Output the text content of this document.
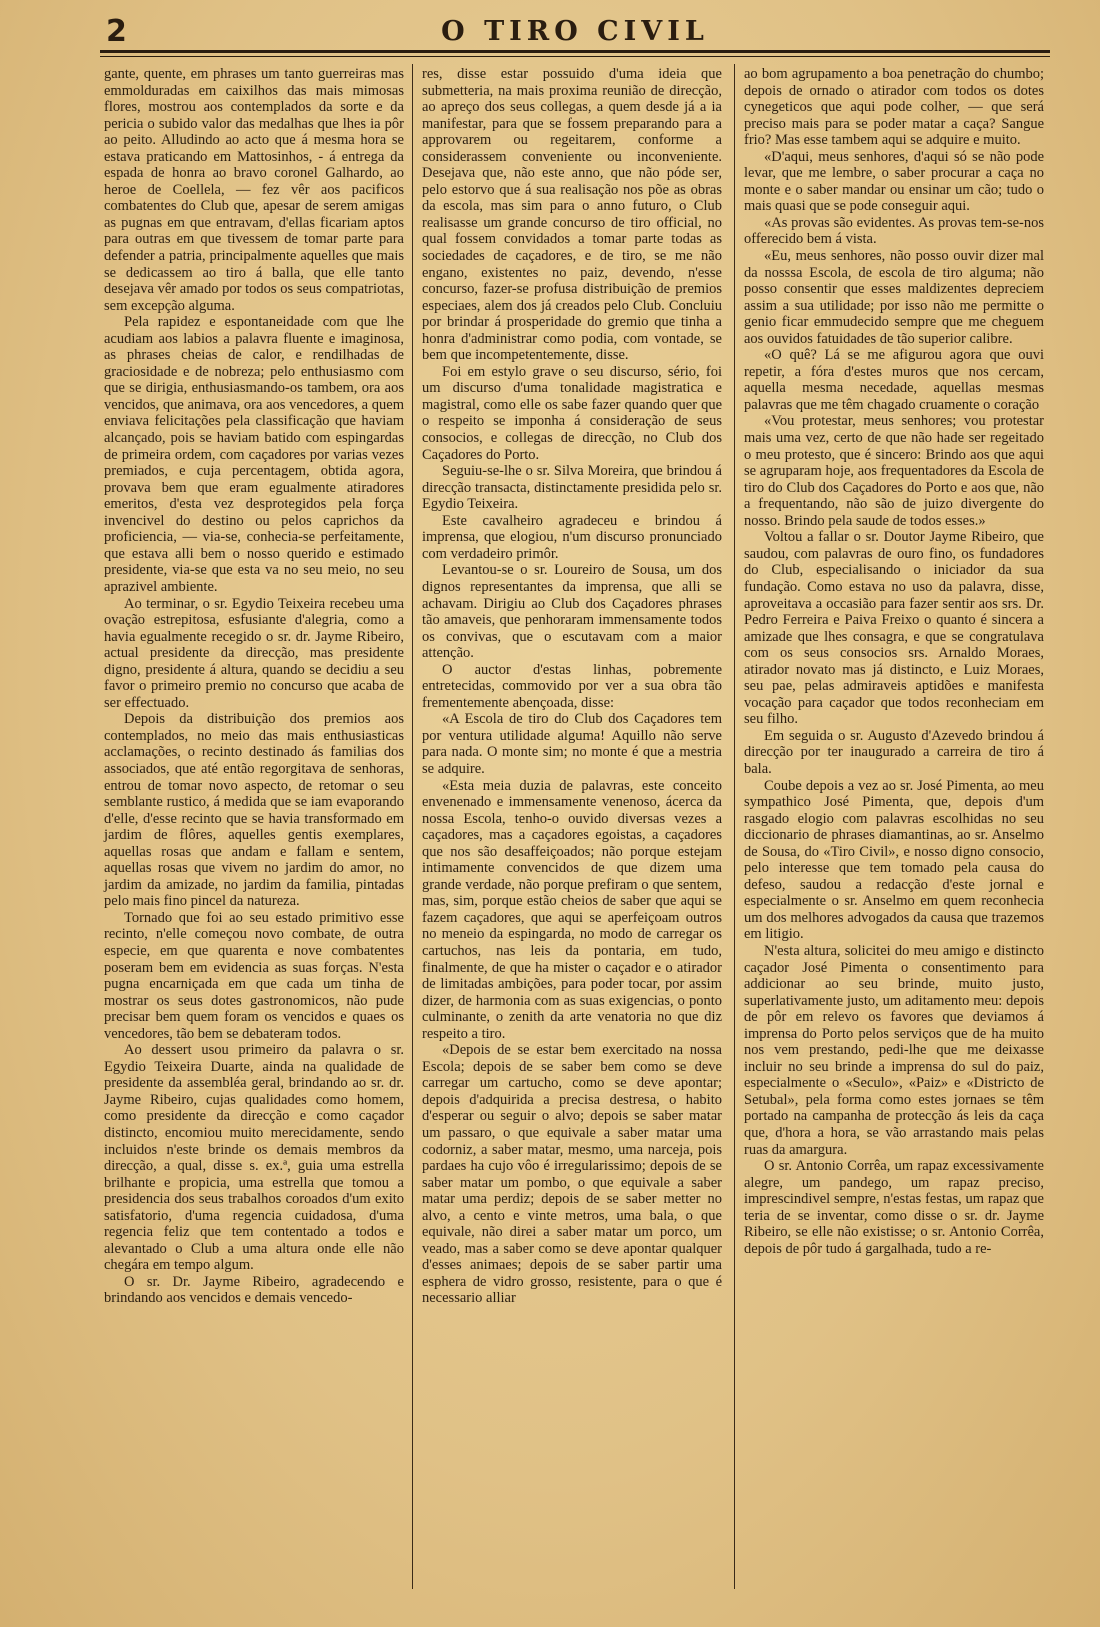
2	O TIRO CIVIL

gante, quente, em phrases um tanto guerreiras mas emmolduradas em caixilhos das mais mimosas flores, mostrou aos contemplados da sorte e da pericia o subido valor das medalhas que lhes ia pôr ao peito. Alludindo ao acto que á mesma hora se estava praticando em Mattosinhos, - á entrega da espada de honra ao bravo coronel Galhardo, ao heroe de Coellela, — fez vêr aos pacificos combatentes do Club que, apesar de serem amigas as pugnas em que entravam, d'ellas ficariam aptos para outras em que tivessem de tomar parte para defender a patria, principalmente aquelles que mais se dedicassem ao tiro á balla, que elle tanto desejava vêr amado por todos os seus compatriotas, sem excepção alguma.

Pela rapidez e espontaneidade com que lhe acudiam aos labios a palavra fluente e imaginosa, as phrases cheias de calor, e rendilhadas de graciosidade e de nobreza; pelo enthusiasmo com que se dirigia, enthusiasmando-os tambem, ora aos vencidos, que animava, ora aos vencedores, a quem enviava felicitações pela classificação que haviam alcançado, pois se haviam batido com espingardas de primeira ordem, com caçadores por varias vezes premiados, e cuja percentagem, obtida agora, provava bem que eram egualmente atiradores emeritos, d'esta vez desprotegidos pela força invencivel do destino ou pelos caprichos da proficiencia, — via-se, conhecia-se perfeitamente, que estava alli bem o nosso querido e estimado presidente, via-se que esta va no seu meio, no seu aprazivel ambiente.

Ao terminar, o sr. Egydio Teixeira recebeu uma ovação estrepitosa, esfusiante d'alegria, como a havia egualmente recegido o sr. dr. Jayme Ribeiro, actual presidente da direcção, mas presidente digno, presidente á altura, quando se decidiu a seu favor o primeiro premio no concurso que acaba de ser effectuado.

Depois da distribuição dos premios aos contemplados, no meio das mais enthusiasticas acclamações, o recinto destinado ás familias dos associados, que até então regorgitava de senhoras, entrou de tomar novo aspecto, de retomar o seu semblante rustico, á medida que se iam evaporando d'elle, d'esse recinto que se havia transformado em jardim de flôres, aquelles gentis exemplares, aquellas rosas que andam e fallam e sentem, aquellas rosas que vivem no jardim do amor, no jardim da amizade, no jardim da familia, pintadas pelo mais fino pincel da natureza.

Tornado que foi ao seu estado primitivo esse recinto, n'elle começou novo combate, de outra especie, em que quarenta e nove combatentes poseram bem em evidencia as suas forças. N'esta pugna encarniçada em que cada um tinha de mostrar os seus dotes gastronomicos, não pude precisar bem quem foram os vencidos e quaes os vencedores, tão bem se debateram todos.

Ao dessert usou primeiro da palavra o sr. Egydio Teixeira Duarte, ainda na qualidade de presidente da assembléa geral, brindando ao sr. dr. Jayme Ribeiro, cujas qualidades como homem, como presidente da direcção e como caçador distincto, encomiou muito merecidamente, sendo incluidos n'este brinde os demais membros da direcção, a qual, disse s. ex.ª, guia uma estrella brilhante e propicia, uma estrella que tomou a presidencia dos seus trabalhos coroados d'um exito satisfatorio, d'uma regencia cuidadosa, d'uma regencia feliz que tem contentado a todos e alevantado o Club a uma altura onde elle não chegára em tempo algum.

O sr. Dr. Jayme Ribeiro, agradecendo e brindando aos vencidos e demais vencedo-

res, disse estar possuido d'uma ideia que submetteria, na mais proxima reunião de direcção, ao apreço dos seus collegas, a quem desde já a ia manifestar, para que se fossem preparando para a approvarem ou regeitarem, conforme a considerassem conveniente ou inconveniente. Desejava que, não este anno, que não póde ser, pelo estorvo que á sua realisação nos põe as obras da escola, mas sim para o anno futuro, o Club realisasse um grande concurso de tiro official, no qual fossem convidados a tomar parte todas as sociedades de caçadores, e de tiro, se me não engano, existentes no paiz, devendo, n'esse concurso, fazer-se profusa distribuição de premios especiaes, alem dos já creados pelo Club. Concluiu por brindar á prosperidade do gremio que tinha a honra d'administrar como podia, com vontade, se bem que incompetentemente, disse.

Foi em estylo grave o seu discurso, sério, foi um discurso d'uma tonalidade magistratica e magistral, como elle os sabe fazer quando quer que o respeito se imponha á consideração de seus consocios, e collegas de direcção, no Club dos Caçadores do Porto.

Seguiu-se-lhe o sr. Silva Moreira, que brindou á direcção transacta, distinctamente presidida pelo sr. Egydio Teixeira.

Este cavalheiro agradeceu e brindou á imprensa, que elogiou, n'um discurso pronunciado com verdadeiro primôr.

Levantou-se o sr. Loureiro de Sousa, um dos dignos representantes da imprensa, que alli se achavam. Dirigiu ao Club dos Caçadores phrases tão amaveis, que penhoraram immensamente todos os convivas, que o escutavam com a maior attenção.

O auctor d'estas linhas, pobremente entretecidas, commovido por ver a sua obra tão frementemente abençoada, disse:

«A Escola de tiro do Club dos Caçadores tem por ventura utilidade alguma! Aquillo não serve para nada. O monte sim; no monte é que a mestria se adquire.

«Esta meia duzia de palavras, este conceito envenenado e immensamente venenoso, ácerca da nossa Escola, tenho-o ouvido diversas vezes a caçadores, mas a caçadores egoistas, a caçadores que nos são desaffeiçoados; não porque estejam intimamente convencidos de que dizem uma grande verdade, não porque prefiram o que sentem, mas, sim, porque estão cheios de saber que aqui se fazem caçadores, que aqui se aperfeiçoam outros no meneio da espingarda, no modo de carregar os cartuchos, nas leis da pontaria, em tudo, finalmente, de que ha mister o caçador e o atirador de limitadas ambições, para poder tocar, por assim dizer, de harmonia com as suas exigencias, o ponto culminante, o zenith da arte venatoria no que diz respeito a tiro.

«Depois de se estar bem exercitado na nossa Escola; depois de se saber bem como se deve carregar um cartucho, como se deve apontar; depois d'adquirida a precisa destresa, o habito d'esperar ou seguir o alvo; depois se saber matar um passaro, o que equivale a saber matar uma codorniz, a saber matar, mesmo, uma narceja, pois pardaes ha cujo vôo é irregularissimo; depois de se saber matar um pombo, o que equivale a saber matar uma perdiz; depois de se saber metter no alvo, a cento e vinte metros, uma bala, o que equivale, não direi a saber matar um porco, um veado, mas a saber como se deve apontar qualquer d'esses animaes; depois de se saber partir uma esphera de vidro grosso, resistente, para o que é necessario alliar

ao bom agrupamento a boa penetração do chumbo; depois de ornado o atirador com todos os dotes cynegeticos que aqui pode colher, — que será preciso mais para se poder matar a caça? Sangue frio? Mas esse tambem aqui se adquire e muito.

«D'aqui, meus senhores, d'aqui só se não pode levar, que me lembre, o saber procurar a caça no monte e o saber mandar ou ensinar um cão; tudo o mais quasi que se pode conseguir aqui.

«As provas são evidentes. As provas tem-se-nos offerecido bem á vista.

«Eu, meus senhores, não posso ouvir dizer mal da nosssa Escola, de escola de tiro alguma; não posso consentir que esses maldizentes depreciem assim a sua utilidade; por isso não me permitte o genio ficar emmudecido sempre que me cheguem aos ouvidos fatuidades de tão superior calibre.

«O quê? Lá se me afigurou agora que ouvi repetir, a fóra d'estes muros que nos cercam, aquella mesma necedade, aquellas mesmas palavras que me têm chagado cruamente o coração

«Vou protestar, meus senhores; vou protestar mais uma vez, certo de que não hade ser regeitado o meu protesto, que é sincero: Brindo aos que aqui se agruparam hoje, aos frequentadores da Escola de tiro do Club dos Caçadores do Porto e aos que, não a frequentando, não são de juizo divergente do nosso. Brindo pela saude de todos esses.»

Voltou a fallar o sr. Doutor Jayme Ribeiro, que saudou, com palavras de ouro fino, os fundadores do Club, especialisando o iniciador da sua fundação. Como estava no uso da palavra, disse, aproveitava a occasião para fazer sentir aos srs. Dr. Pedro Ferreira e Paiva Freixo o quanto é sincera a amizade que lhes consagra, e que se congratulava com os seus consocios srs. Arnaldo Moraes, atirador novato mas já distincto, e Luiz Moraes, seu pae, pelas admiraveis aptidões e manifesta vocação para caçador que todos reconheciam em seu filho.

Em seguida o sr. Augusto d'Azevedo brindou á direcção por ter inaugurado a carreira de tiro á bala.

Coube depois a vez ao sr. José Pimenta, ao meu sympathico José Pimenta, que, depois d'um rasgado elogio com palavras escolhidas no seu diccionario de phrases diamantinas, ao sr. Anselmo de Sousa, do «Tiro Civil», e nosso digno consocio, pelo interesse que tem tomado pela causa do defeso, saudou a redacção d'este jornal e especialmente o sr. Anselmo em quem reconhecia um dos melhores advogados da causa que trazemos em litigio.

N'esta altura, solicitei do meu amigo e distincto caçador José Pimenta o consentimento para addicionar ao seu brinde, muito justo, superlativamente justo, um aditamento meu: depois de pôr em relevo os favores que deviamos á imprensa do Porto pelos serviços que de ha muito nos vem prestando, pedi-lhe que me deixasse incluir no seu brinde a imprensa do sul do paiz, especialmente o «Seculo», «Paiz» e «Districto de Setubal», pela forma como estes jornaes se têm portado na campanha de protecção ás leis da caça que, d'hora a hora, se vão arrastando mais pelas ruas da amargura.

O sr. Antonio Corrêa, um rapaz excessivamente alegre, um pandego, um rapaz preciso, imprescindivel sempre, n'estas festas, um rapaz que teria de se inventar, como disse o sr. dr. Jayme Ribeiro, se elle não existisse; o sr. Antonio Corrêa, depois de pôr tudo á gargalhada, tudo a re-
